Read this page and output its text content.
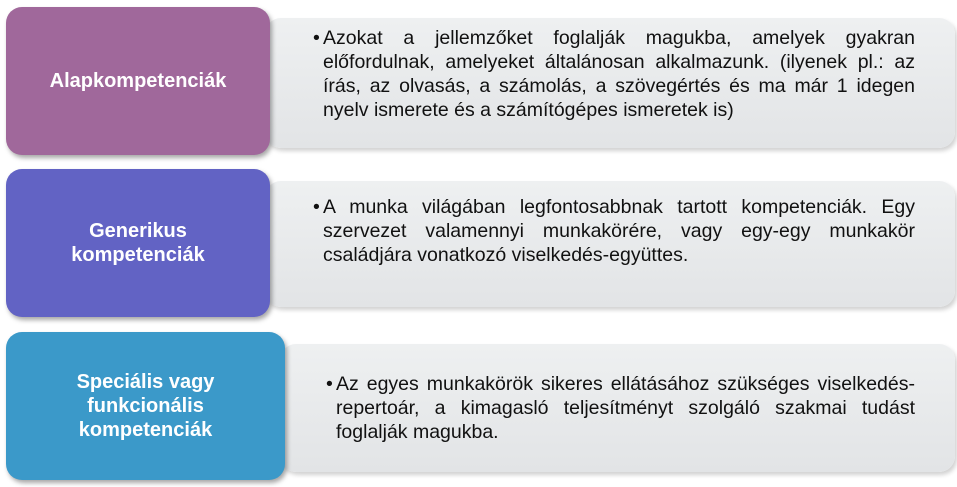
• Azokat a jellemzőket foglalják magukba, amelyek gyakran előfordulnak, amelyeket általánosan alkalmazunk. (ilyenek pl.: az írás, az olvasás, a számolás, a szövegértés és ma már 1 idegen nyelv ismerete és a számítógépes ismeretek is)
Alapkompetenciák
• A munka világában legfontosabbnak tartott kompetenciák. Egy szervezet valamennyi munkakörére, vagy egy-egy munkakör családjára vonatkozó viselkedés-együttes.
Generikus kompetenciák
• Az egyes munkakörök sikeres ellátásához szükséges viselkedés-repertoár, a kimagasló teljesítményt szolgáló szakmai tudást foglalják magukba.
Speciális vagy funkcionális kompetenciák
